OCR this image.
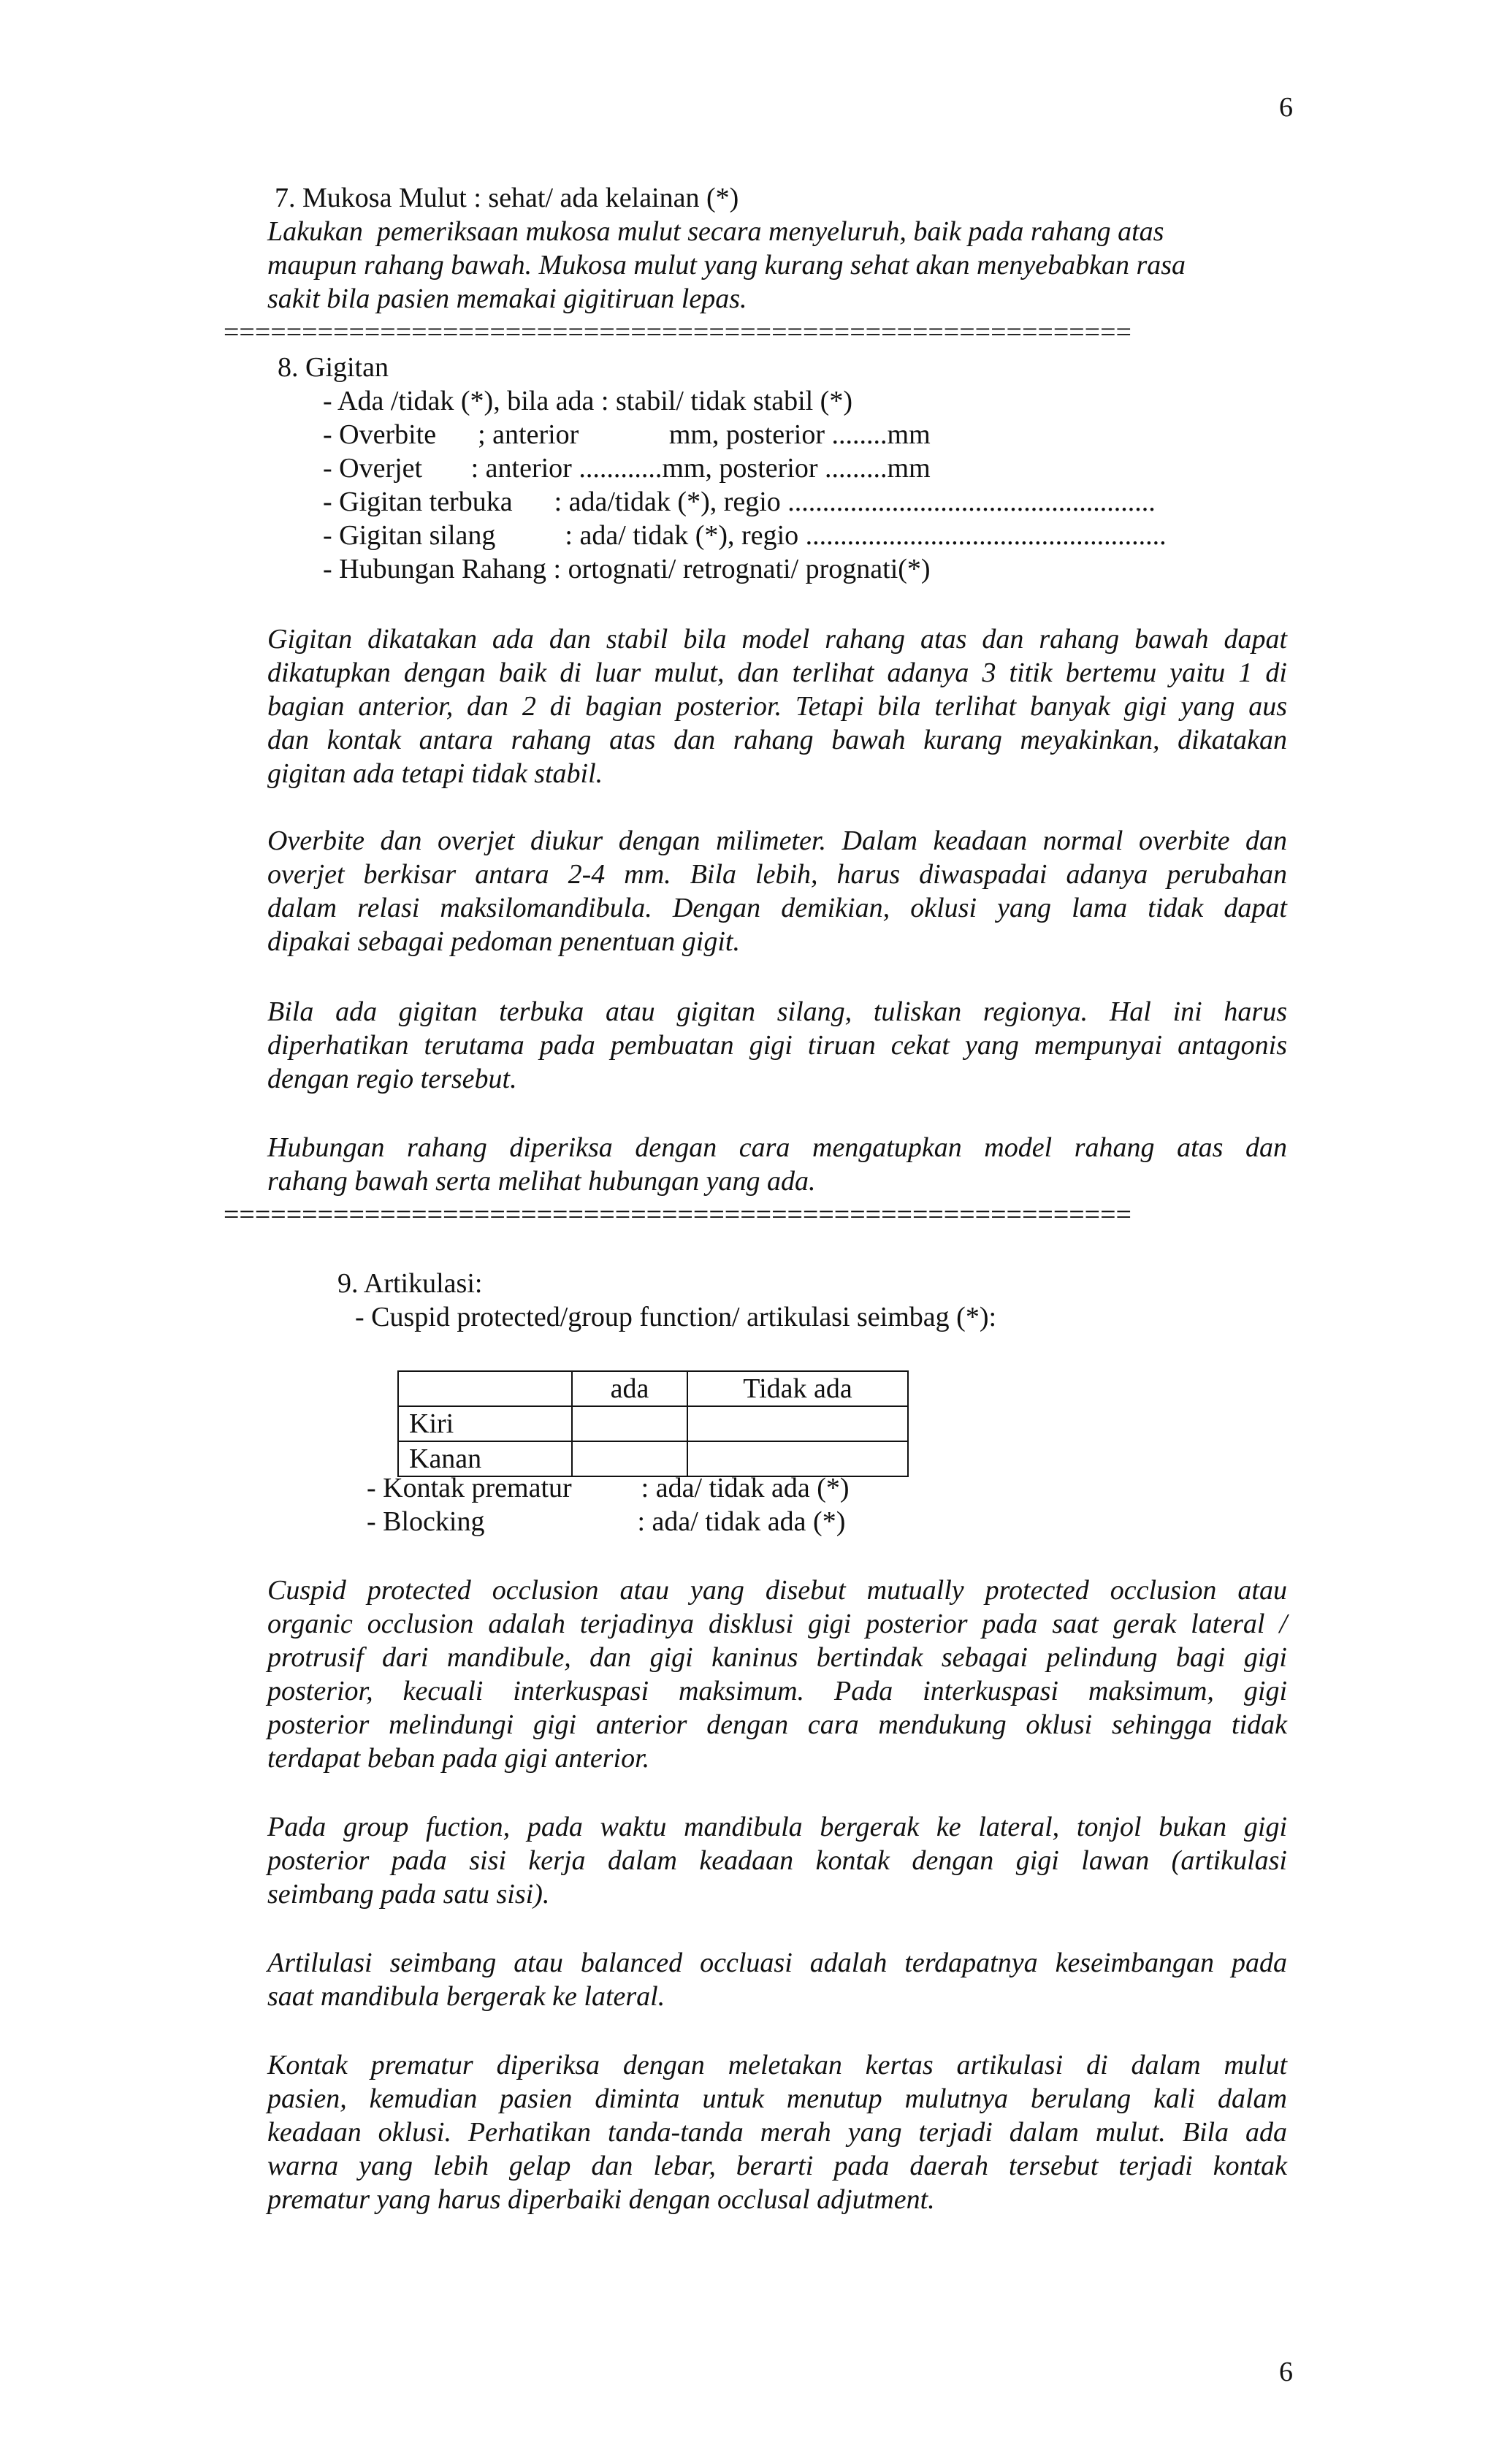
6
7. Mukosa Mulut : sehat/ ada kelainan (*)
Lakukan  pemeriksaan mukosa mulut secara menyeluruh, baik pada rahang atas
maupun rahang bawah. Mukosa mulut yang kurang sehat akan menyebabkan rasa
sakit bila pasien memakai gigitiruan lepas.
8. Gigitan
- Ada /tidak (*), bila ada : stabil/ tidak stabil (*)
- Overbite      ; anterior             mm, posterior ........mm
- Overjet       : anterior ............mm, posterior .........mm
- Gigitan terbuka      : ada/tidak (*), regio .....................................................
- Gigitan silang          : ada/ tidak (*), regio ....................................................
- Hubungan Rahang : ortognati/ retrognati/ prognati(*)
Gigitan dikatakan ada dan stabil bila model rahang atas dan rahang bawah dapat
dikatupkan dengan baik di luar mulut, dan terlihat adanya 3 titik bertemu yaitu 1 di
bagian anterior, dan 2 di bagian posterior. Tetapi bila terlihat banyak gigi yang aus
dan kontak antara rahang atas dan rahang bawah kurang meyakinkan, dikatakan
gigitan ada tetapi tidak stabil.
Overbite dan overjet diukur dengan milimeter. Dalam keadaan normal overbite dan
overjet berkisar antara 2-4 mm. Bila lebih, harus diwaspadai adanya perubahan
dalam relasi maksilomandibula. Dengan demikian, oklusi yang lama tidak dapat
dipakai sebagai pedoman penentuan gigit.
Bila ada gigitan terbuka atau gigitan silang, tuliskan regionya. Hal ini harus
diperhatikan terutama pada pembuatan gigi tiruan cekat yang mempunyai antagonis
dengan regio tersebut.
Hubungan rahang diperiksa dengan cara mengatupkan model rahang atas dan
rahang bawah serta melihat hubungan yang ada.
9. Artikulasi:
- Cuspid protected/group function/ artikulasi seimbag (*):
- Kontak prematur          : ada/ tidak ada (*)
- Blocking                      : ada/ tidak ada (*)
Cuspid protected occlusion atau yang disebut mutually protected occlusion atau
organic occlusion adalah terjadinya disklusi gigi posterior pada saat gerak lateral /
protrusif dari mandibule, dan gigi kaninus bertindak sebagai pelindung bagi gigi
posterior, kecuali interkuspasi maksimum. Pada interkuspasi maksimum, gigi
posterior melindungi gigi anterior dengan cara mendukung oklusi sehingga tidak
terdapat beban pada gigi anterior.
Pada group fuction, pada waktu mandibula bergerak ke lateral, tonjol bukan gigi
posterior pada sisi kerja dalam keadaan kontak dengan gigi lawan (artikulasi
seimbang pada satu sisi).
Artilulasi seimbang atau balanced occluasi adalah terdapatnya keseimbangan pada
saat mandibula bergerak ke lateral.
Kontak prematur diperiksa dengan meletakan kertas artikulasi di dalam mulut
pasien, kemudian pasien diminta untuk menutup mulutnya berulang kali dalam
keadaan oklusi. Perhatikan tanda-tanda merah yang terjadi dalam mulut. Bila ada
warna yang lebih gelap dan lebar, berarti pada daerah tersebut terjadi kontak
prematur yang harus diperbaiki dengan occlusal adjutment.
==========================================================
==========================================================
	ada	Tidak ada
Kiri		
Kanan		
6
